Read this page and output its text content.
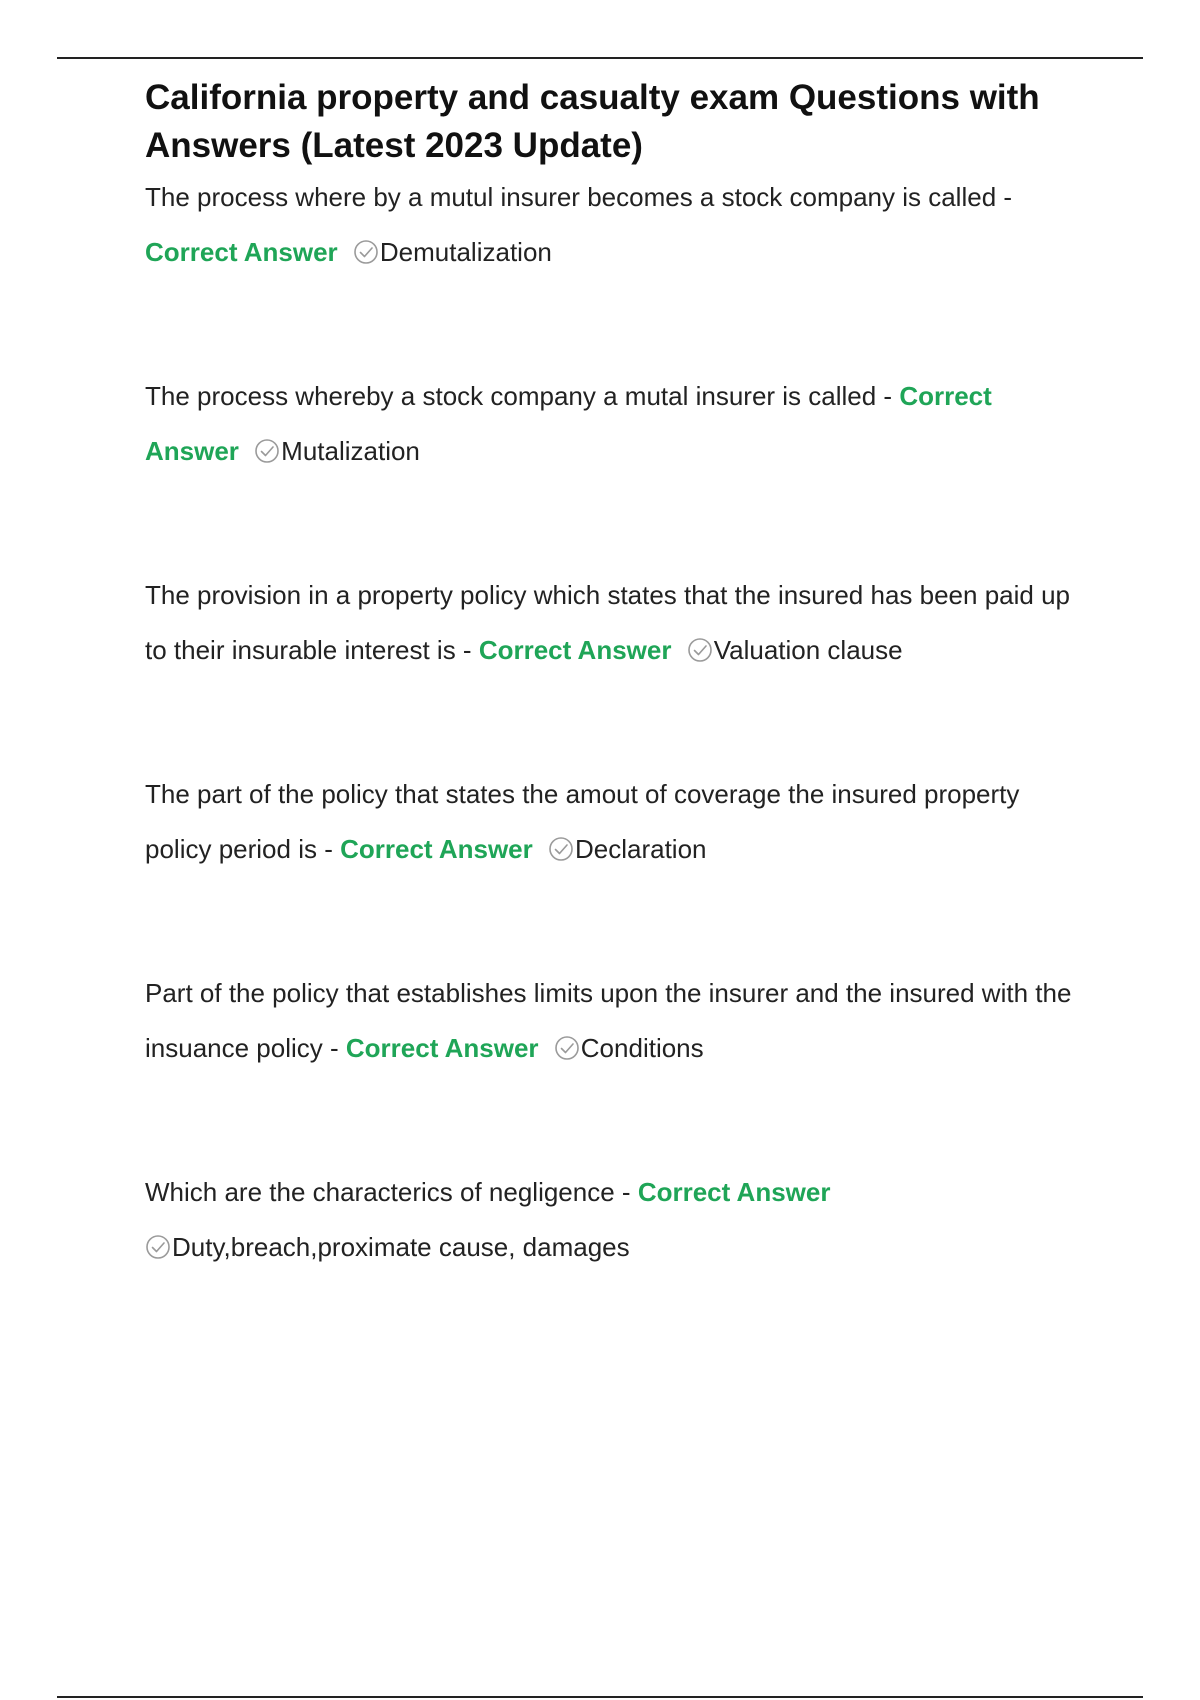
California property and casualty exam Questions with Answers (Latest 2023 Update)

The process where by a mutul insurer becomes a stock company is called - Correct Answer Demutalization

The process whereby a stock company a mutal insurer is called - Correct Answer Mutalization

The provision in a property policy which states that the insured has been paid up to their insurable interest is - Correct Answer Valuation clause

The part of the policy that states the amout of coverage the insured property policy period is - Correct Answer Declaration

Part of the policy that establishes limits upon the insurer and the insured with the insuance policy - Correct Answer Conditions

Which are the characterics of negligence - Correct Answer

Duty,breach,proximate cause, damages
